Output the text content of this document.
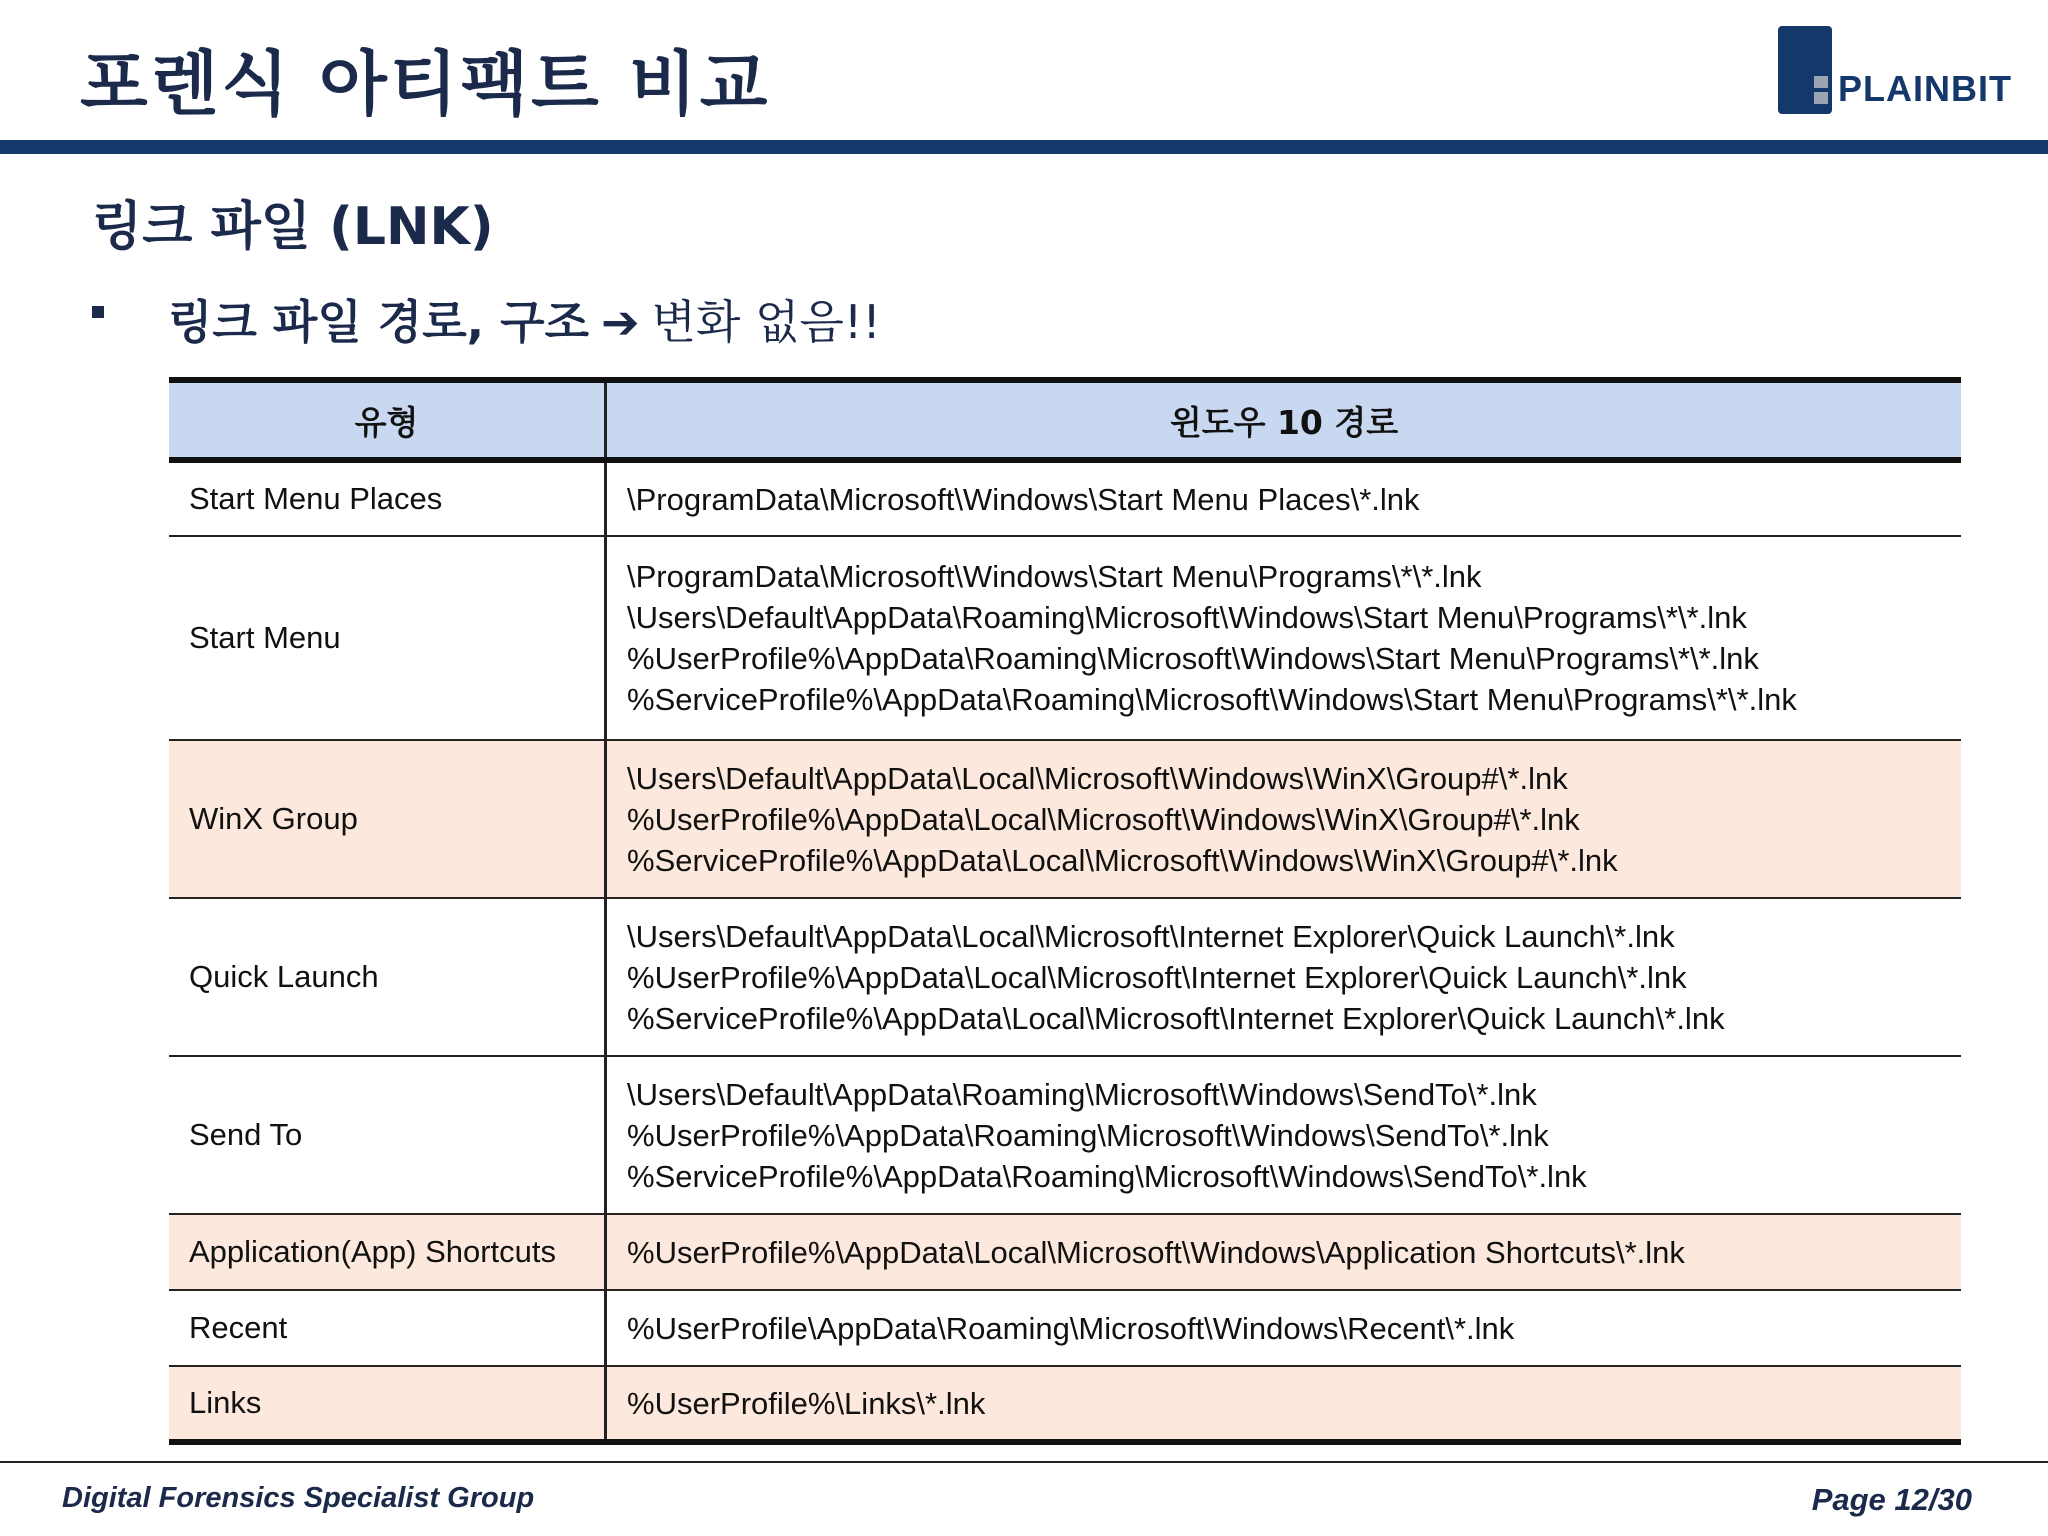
포렌식 아티팩트 비교	PLAINBIT
링크 파일 (LNK)
링크 파일 경로, 구조 ➔ 변화 없음!!
유형	윈도우 10 경로
Start Menu Places	\ProgramData\Microsoft\Windows\Start Menu Places\*.lnk

Start Menu	\ProgramData\Microsoft\Windows\Start Menu\Programs\*\*.lnk
\Users\Default\AppData\Roaming\Microsoft\Windows\Start Menu\Programs\*\*.lnk
%UserProfile%\AppData\Roaming\Microsoft\Windows\Start Menu\Programs\*\*.lnk
%ServiceProfile%\AppData\Roaming\Microsoft\Windows\Start Menu\Programs\*\*.lnk

WinX Group	\Users\Default\AppData\Local\Microsoft\Windows\WinX\Group#\*.lnk
%UserProfile%\AppData\Local\Microsoft\Windows\WinX\Group#\*.lnk
%ServiceProfile%\AppData\Local\Microsoft\Windows\WinX\Group#\*.lnk

Quick Launch	\Users\Default\AppData\Local\Microsoft\Internet Explorer\Quick Launch\*.lnk
%UserProfile%\AppData\Local\Microsoft\Internet Explorer\Quick Launch\*.lnk
%ServiceProfile%\AppData\Local\Microsoft\Internet Explorer\Quick Launch\*.lnk

Send To	\Users\Default\AppData\Roaming\Microsoft\Windows\SendTo\*.lnk
%UserProfile%\AppData\Roaming\Microsoft\Windows\SendTo\*.lnk
%ServiceProfile%\AppData\Roaming\Microsoft\Windows\SendTo\*.lnk

Application(App) Shortcuts	%UserProfile%\AppData\Local\Microsoft\Windows\Application Shortcuts\*.lnk

Recent	%UserProfile\AppData\Roaming\Microsoft\Windows\Recent\*.lnk

Links	%UserProfile%\Links\*.lnk
Digital Forensics Specialist Group	Page 12/30
